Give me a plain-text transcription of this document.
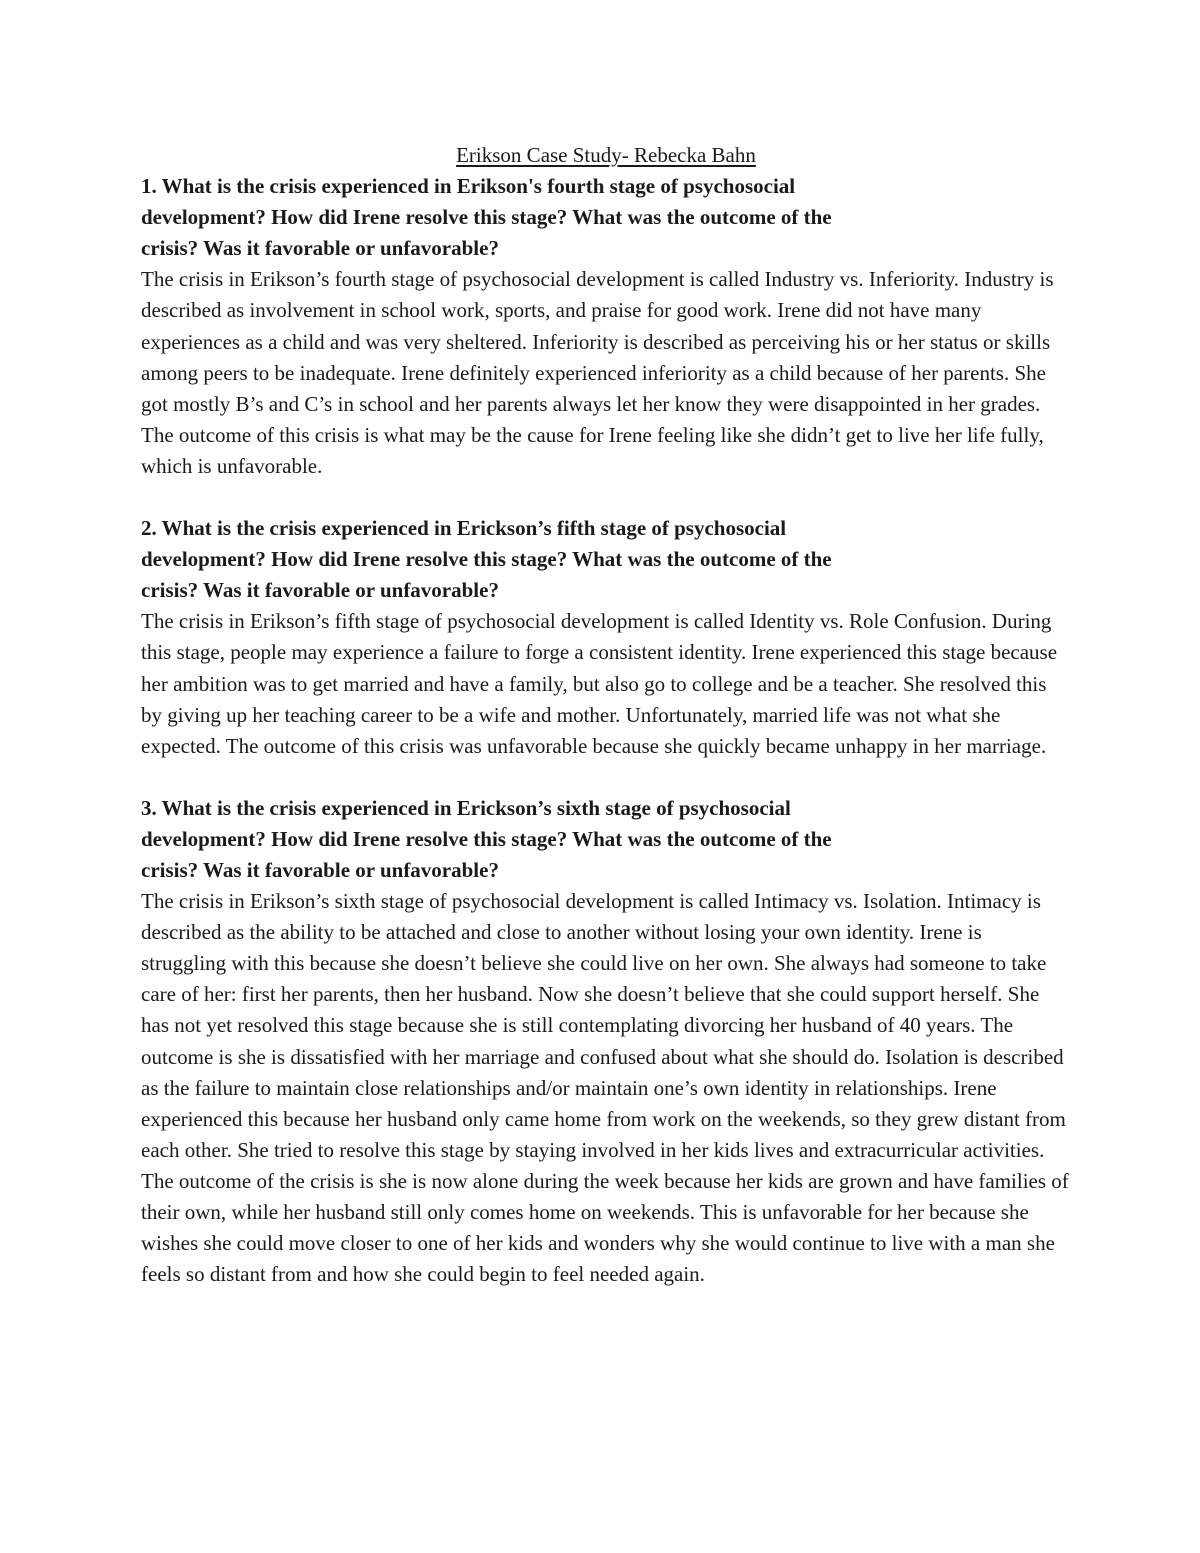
Erikson Case Study- Rebecka Bahn

1. What is the crisis experienced in Erikson's fourth stage of psychosocial
development? How did Irene resolve this stage? What was the outcome of the
crisis? Was it favorable or unfavorable?

The crisis in Erikson’s fourth stage of psychosocial development is called Industry vs. Inferiority. Industry is described as involvement in school work, sports, and praise for good work. Irene did not have many experiences as a child and was very sheltered. Inferiority is described as perceiving his or her status or skills among peers to be inadequate. Irene definitely experienced inferiority as a child because of her parents. She got mostly B’s and C’s in school and her parents always let her know they were disappointed in her grades. The outcome of this crisis is what may be the cause for Irene feeling like she didn’t get to live her life fully, which is unfavorable.

2. What is the crisis experienced in Erickson’s fifth stage of psychosocial
development? How did Irene resolve this stage? What was the outcome of the
crisis? Was it favorable or unfavorable?

The crisis in Erikson’s fifth stage of psychosocial development is called Identity vs. Role Confusion. During this stage, people may experience a failure to forge a consistent identity. Irene experienced this stage because her ambition was to get married and have a family, but also go to college and be a teacher. She resolved this by giving up her teaching career to be a wife and mother. Unfortunately, married life was not what she expected. The outcome of this crisis was unfavorable because she quickly became unhappy in her marriage.

3. What is the crisis experienced in Erickson’s sixth stage of psychosocial
development? How did Irene resolve this stage? What was the outcome of the
crisis? Was it favorable or unfavorable?

The crisis in Erikson’s sixth stage of psychosocial development is called Intimacy vs. Isolation. Intimacy is described as the ability to be attached and close to another without losing your own identity. Irene is struggling with this because she doesn’t believe she could live on her own. She always had someone to take care of her: first her parents, then her husband. Now she doesn’t believe that she could support herself. She has not yet resolved this stage because she is still contemplating divorcing her husband of 40 years. The outcome is she is dissatisfied with her marriage and confused about what she should do. Isolation is described as the failure to maintain close relationships and/or maintain one’s own identity in relationships. Irene experienced this because her husband only came home from work on the weekends, so they grew distant from each other. She tried to resolve this stage by staying involved in her kids lives and extracurricular activities. The outcome of the crisis is she is now alone during the week because her kids are grown and have families of their own, while her husband still only comes home on weekends. This is unfavorable for her because she wishes she could move closer to one of her kids and wonders why she would continue to live with a man she feels so distant from and how she could begin to feel needed again.
